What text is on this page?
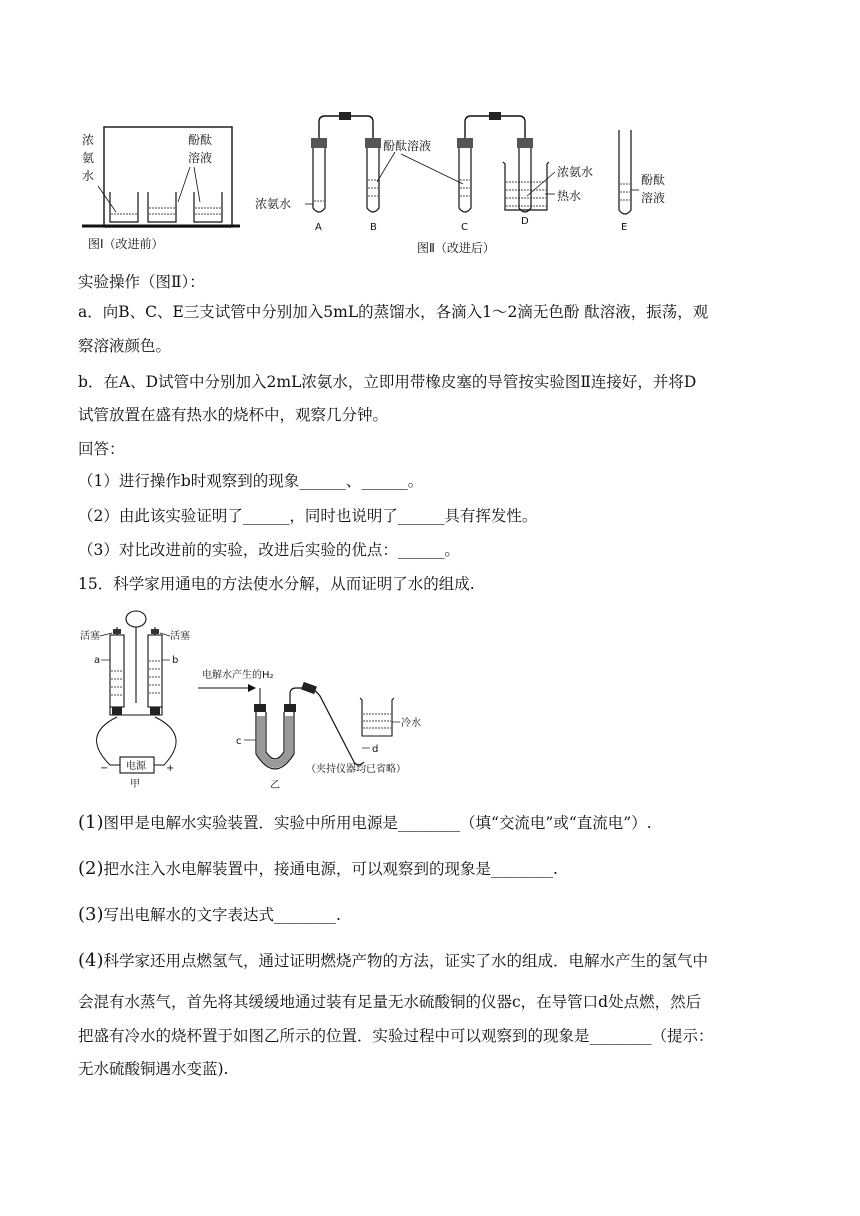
浓
氨
水
酚酞
溶液
图Ⅰ（改进前）
浓氨水
酚酞溶液
浓氨水
热水
酚酞
溶液
A	B	C
D
E
图Ⅱ（改进后）
实验操作（图Ⅱ）：
a．向B、C、E三支试管中分别加入5mL的蒸馏水，各滴入1～2滴无色酚 酞溶液，振荡，观
察溶液颜色。
b．在A、D试管中分别加入2mL浓氨水，立即用带橡皮塞的导管按实验图Ⅱ连接好，并将D
试管放置在盛有热水的烧杯中，观察几分钟。
回答：
（1）进行操作b时观察到的现象______、______。
（2）由此该实验证明了______，同时也说明了______具有挥发性。
（3）对比改进前的实验，改进后实验的优点：______。
15．科学家用通电的方法使水分解，从而证明了水的组成.
电源
−	+
甲
活塞	活塞
a	b
电解水产生的H₂
冷水
d
c
（夹持仪器均已省略）
乙
(1)图甲是电解水实验装置．实验中所用电源是________（填“交流电”或“直流电”）.
(2)把水注入水电解装置中，接通电源，可以观察到的现象是________.
(3)写出电解水的文字表达式________.
(4)科学家还用点燃氢气，通过证明燃烧产物的方法，证实了水的组成．电解水产生的氢气中
会混有水蒸气，首先将其缓缓地通过装有足量无水硫酸铜的仪器c，在导管口d处点燃，然后
把盛有冷水的烧杯置于如图乙所示的位置．实验过程中可以观察到的现象是________（提示：
无水硫酸铜遇水变蓝).
